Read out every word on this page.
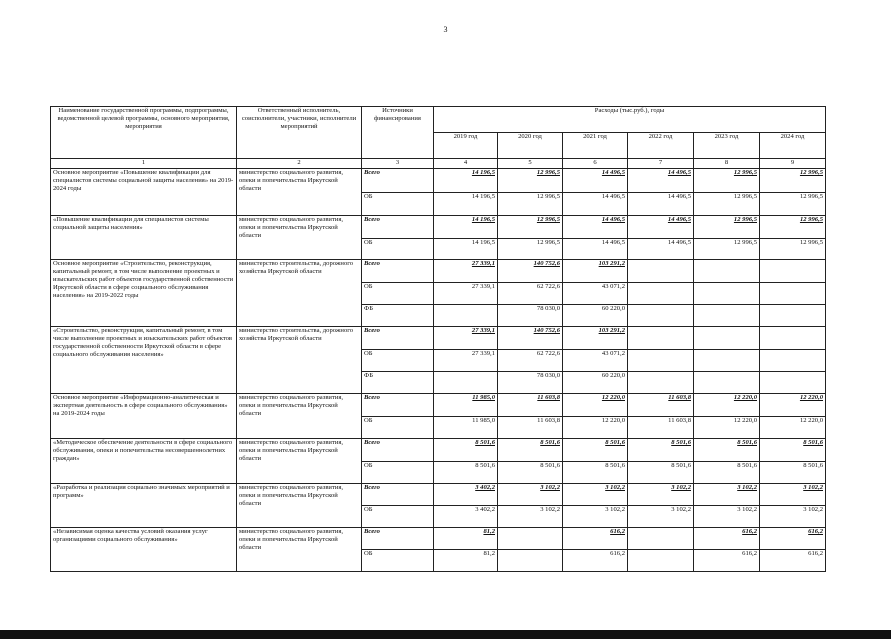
3
Наименование государственной программы, подпрограммы, ведомственной целевой программы, основного мероприятия, мероприятия	Ответственный исполнитель, соисполнители, участники, исполнители мероприятий	Источники финансирования	Расходы (тыс.руб.), годы					
			2019 год	2020 год	2021 год	2022 год	2023 год	2024 год
1	2	3	4	5	6	7	8	9
Основное мероприятие «Повышение квалификации для специалистов системы социальной защиты населения» на 2019-2024 годы	министерство социального развития, опеки и попечительства Иркутской области	Всего	14 196,5	12 996,5	14 496,5	14 496,5	12 996,5	12 996,5
		ОБ	14 196,5	12 996,5	14 496,5	14 496,5	12 996,5	12 996,5
«Повышение квалификации для специалистов системы социальной защиты населения»	министерство социального развития, опеки и попечительства Иркутской области	Всего	14 196,5	12 996,5	14 496,5	14 496,5	12 996,5	12 996,5
		ОБ	14 196,5	12 996,5	14 496,5	14 496,5	12 996,5	12 996,5
Основное мероприятие «Строительство, реконструкция, капитальный ремонт, в том числе выполнение проектных и изыскательских работ объектов государственной собственности Иркутской области в сфере социального обслуживания населения» на 2019-2022 годы	министерство строительства, дорожного хозяйства Иркутской области	Всего	27 339,1	140 752,6	103 291,2			
		ОБ	27 339,1	62 722,6	43 071,2			
		ФБ		78 030,0	60 220,0			
«Строительство, реконструкция, капитальный ремонт, в том числе выполнение проектных и изыскательских работ объектов государственной собственности Иркутской области в сфере социального обслуживания населения»	министерство строительства, дорожного хозяйства Иркутской области	Всего	27 339,1	140 752,6	103 291,2			
		ОБ	27 339,1	62 722,6	43 071,2			
		ФБ		78 030,0	60 220,0			
Основное мероприятие «Информационно-аналитическая и экспертная деятельность в сфере социального обслуживания» на 2019-2024 годы	министерство социального развития, опеки и попечительства Иркутской области	Всего	11 985,0	11 603,8	12 220,0	11 603,8	12 220,0	12 220,0
		ОБ	11 985,0	11 603,8	12 220,0	11 603,8	12 220,0	12 220,0
«Методическое обеспечение деятельности в сфере социального обслуживания, опеки и попечительства несовершеннолетних граждан»	министерство социального развития, опеки и попечительства Иркутской области	Всего	8 501,6	8 501,6	8 501,6	8 501,6	8 501,6	8 501,6
		ОБ	8 501,6	8 501,6	8 501,6	8 501,6	8 501,6	8 501,6
«Разработка и реализация социально значимых мероприятий и программ»	министерство социального развития, опеки и попечительства Иркутской области	Всего	3 402,2	3 102,2	3 102,2	3 102,2	3 102,2	3 102,2
		ОБ	3 402,2	3 102,2	3 102,2	3 102,2	3 102,2	3 102,2
«Независимая оценка качества условий оказания услуг организациями социального обслуживания»	министерство социального развития, опеки и попечительства Иркутской области	Всего	81,2		616,2		616,2	616,2
		ОБ	81,2		616,2		616,2	616,2
